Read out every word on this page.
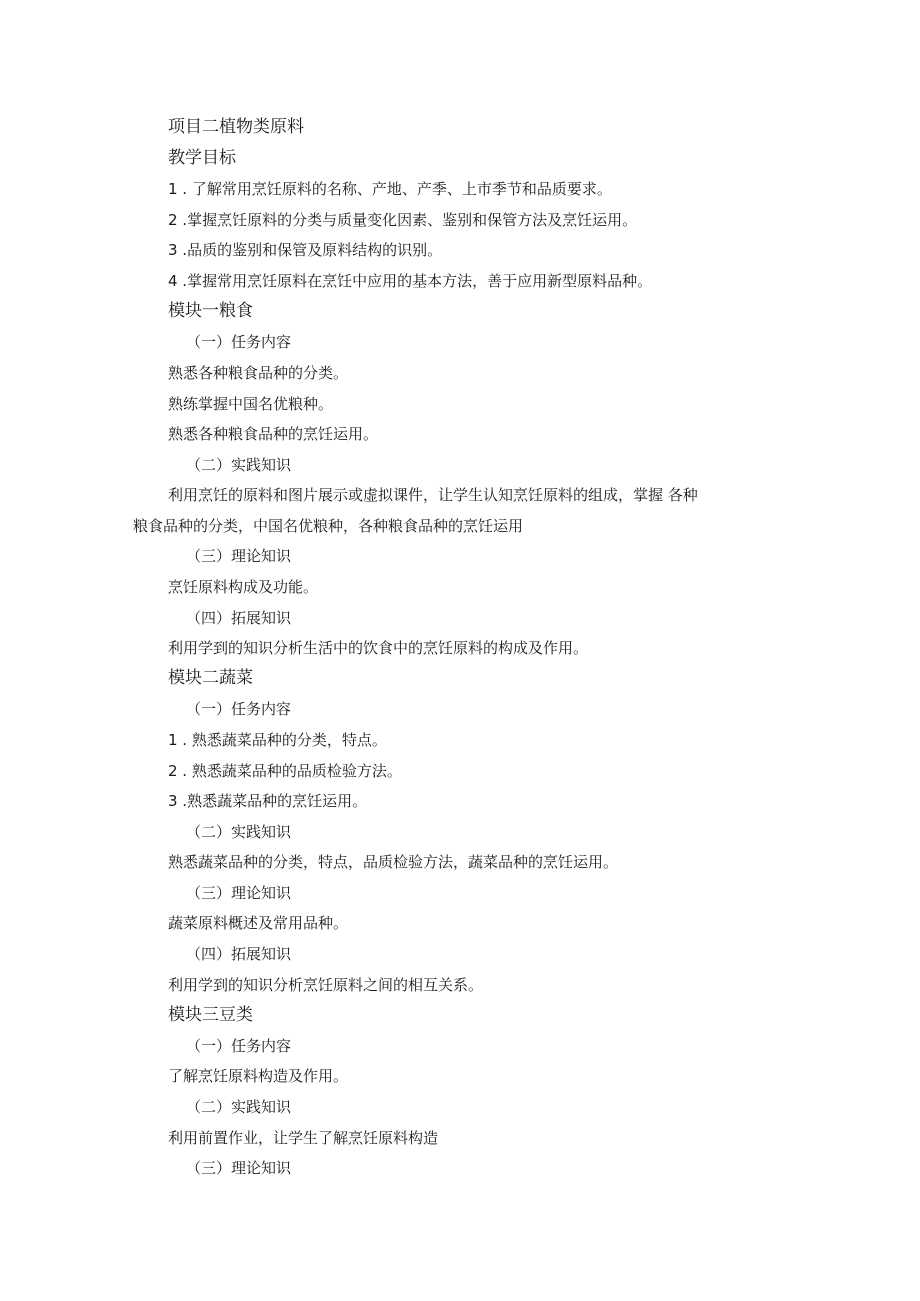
项目二植物类原料
教学目标
1 . 了解常用烹饪原料的名称、产地、产季、上市季节和品质要求。
2 .掌握烹饪原料的分类与质量变化因素、鉴别和保管方法及烹饪运用。
3 .品质的鉴别和保管及原料结构的识别。
4 .掌握常用烹饪原料在烹饪中应用的基本方法，善于应用新型原料品种。
模块一粮食
（一）任务内容
熟悉各种粮食品种的分类。
熟练掌握中国名优粮种。
熟悉各种粮食品种的烹饪运用。
（二）实践知识
利用烹饪的原料和图片展示或虚拟课件，让学生认知烹饪原料的组成，掌握 各种
粮食品种的分类，中国名优粮种，各种粮食品种的烹饪运用
（三）理论知识
烹饪原料构成及功能。
（四）拓展知识
利用学到的知识分析生活中的饮食中的烹饪原料的构成及作用。
模块二蔬菜
（一）任务内容
1 . 熟悉蔬菜品种的分类，特点。
2 . 熟悉蔬菜品种的品质检验方法。
3 .熟悉蔬菜品种的烹饪运用。
（二）实践知识
熟悉蔬菜品种的分类，特点，品质检验方法，蔬菜品种的烹饪运用。
（三）理论知识
蔬菜原料概述及常用品种。
（四）拓展知识
利用学到的知识分析烹饪原料之间的相互关系。
模块三豆类
（一）任务内容
了解烹饪原料构造及作用。
（二）实践知识
利用前置作业，让学生了解烹饪原料构造
（三）理论知识
